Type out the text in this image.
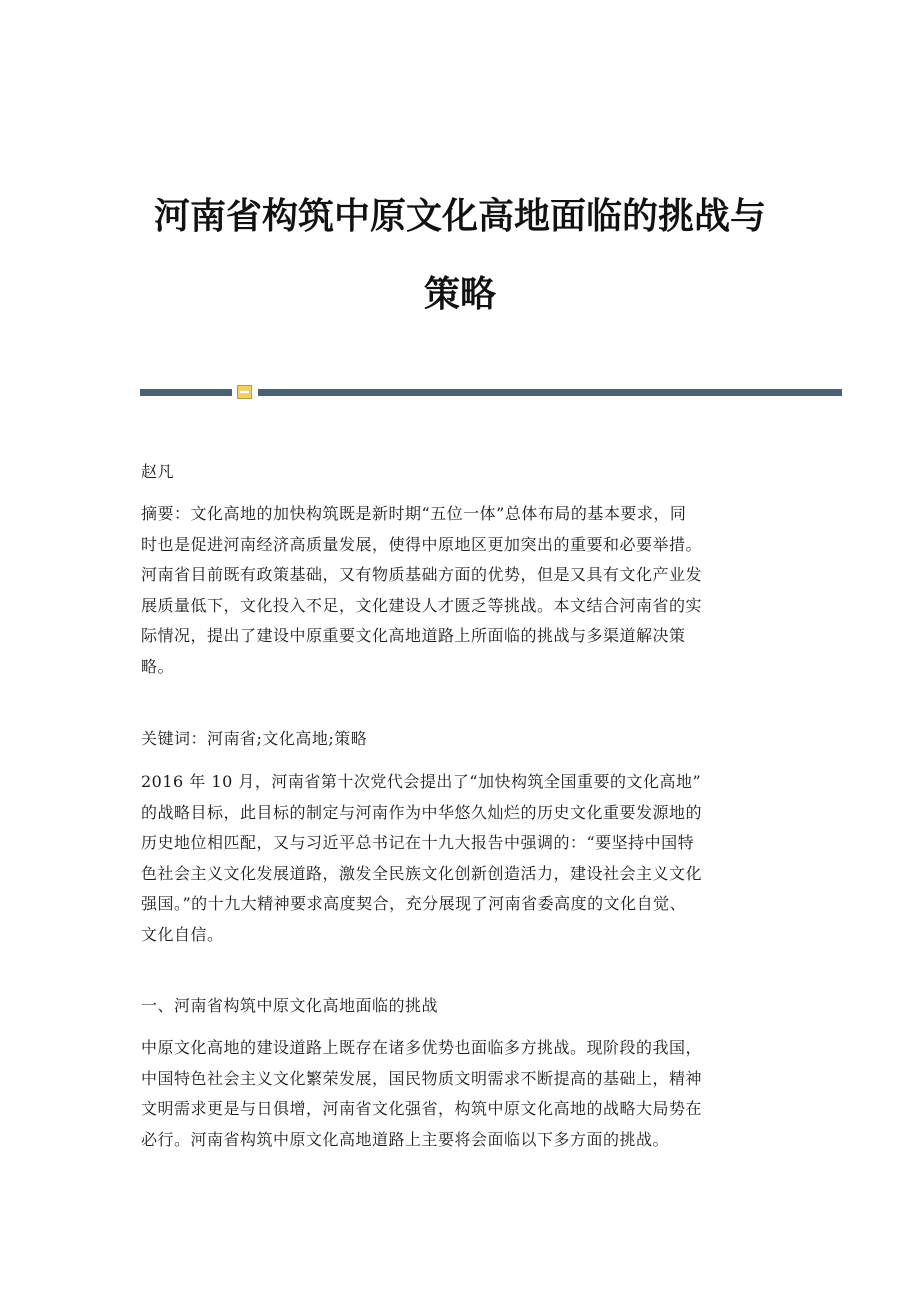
河南省构筑中原文化高地面临的挑战与
策略

赵凡

摘要：文化高地的加快构筑既是新时期“五位一体”总体布局的基本要求，同
时也是促进河南经济高质量发展，使得中原地区更加突出的重要和必要举措。
河南省目前既有政策基础，又有物质基础方面的优势，但是又具有文化产业发
展质量低下，文化投入不足，文化建设人才匮乏等挑战。本文结合河南省的实
际情况，提出了建设中原重要文化高地道路上所面临的挑战与多渠道解决策
略。

关键词：河南省;文化高地;策略

2016 年 10 月，河南省第十次党代会提出了“加快构筑全国重要的文化高地”
的战略目标，此目标的制定与河南作为中华悠久灿烂的历史文化重要发源地的
历史地位相匹配，又与习近平总书记在十九大报告中强调的：“要坚持中国特
色社会主义文化发展道路，激发全民族文化创新创造活力，建设社会主义文化
强国。”的十九大精神要求高度契合，充分展现了河南省委高度的文化自觉、
文化自信。

一、河南省构筑中原文化高地面临的挑战

中原文化高地的建设道路上既存在诸多优势也面临多方挑战。现阶段的我国，
中国特色社会主义文化繁荣发展，国民物质文明需求不断提高的基础上，精神
文明需求更是与日俱增，河南省文化强省，构筑中原文化高地的战略大局势在
必行。河南省构筑中原文化高地道路上主要将会面临以下多方面的挑战。
